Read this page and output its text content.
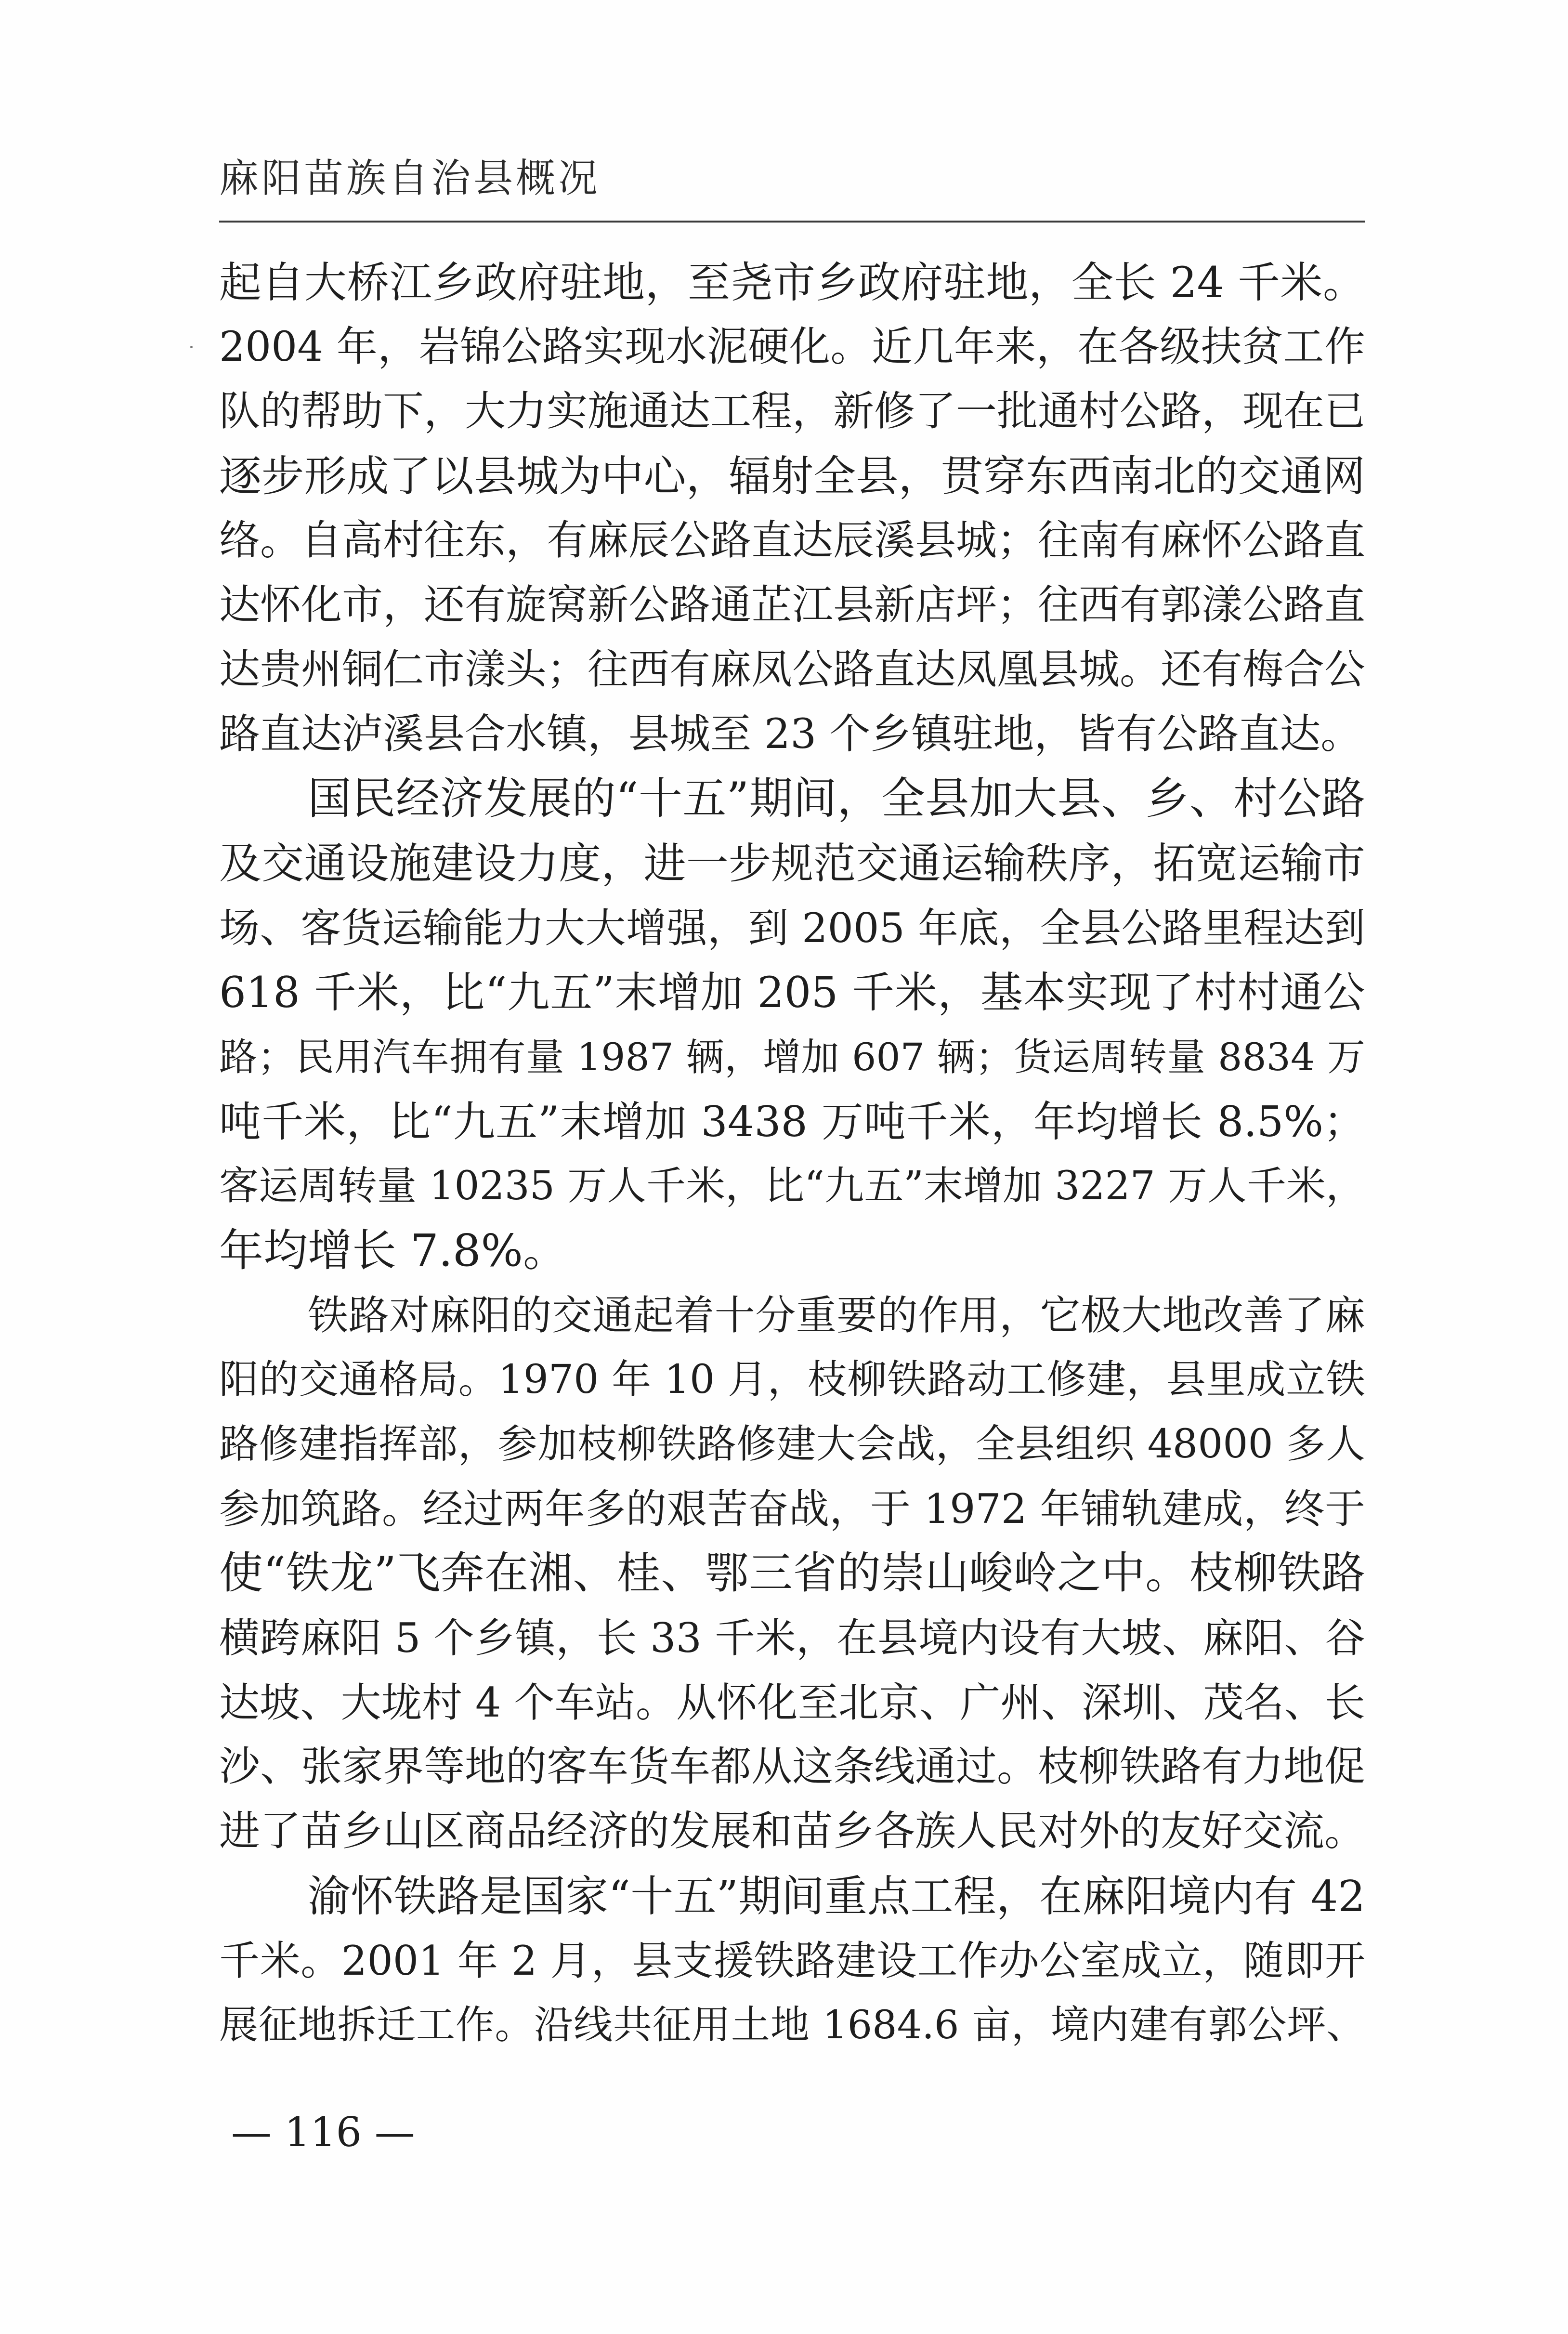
麻阳苗族自治县概况
起自大桥江乡政府驻地，至尧市乡政府驻地，全长 24 千米。
2004 年，岩锦公路实现水泥硬化。近几年来，在各级扶贫工作
队的帮助下，大力实施通达工程，新修了一批通村公路，现在已
逐步形成了以县城为中心，辐射全县，贯穿东西南北的交通网
络。自高村往东，有麻辰公路直达辰溪县城；往南有麻怀公路直
达怀化市，还有旋窝新公路通芷江县新店坪；往西有郭漾公路直
达贵州铜仁市漾头；往西有麻凤公路直达凤凰县城。还有梅合公
路直达泸溪县合水镇，县城至 23 个乡镇驻地，皆有公路直达。
国民经济发展的“十五”期间，全县加大县、乡、村公路
及交通设施建设力度，进一步规范交通运输秩序，拓宽运输市
场、客货运输能力大大增强，到 2005 年底，全县公路里程达到
618 千米，比“九五”末增加 205 千米，基本实现了村村通公
路；民用汽车拥有量 1987 辆，增加 607 辆；货运周转量 8834 万
吨千米，比“九五”末增加 3438 万吨千米，年均增长 8.5%；
客运周转量 10235 万人千米，比“九五”末增加 3227 万人千米，
年均增长 7.8%。
铁路对麻阳的交通起着十分重要的作用，它极大地改善了麻
阳的交通格局。1970 年 10 月，枝柳铁路动工修建，县里成立铁
路修建指挥部，参加枝柳铁路修建大会战，全县组织 48000 多人
参加筑路。经过两年多的艰苦奋战，于 1972 年铺轨建成，终于
使“铁龙”飞奔在湘、桂、鄂三省的崇山峻岭之中。枝柳铁路
横跨麻阳 5 个乡镇，长 33 千米，在县境内设有大坡、麻阳、谷
达坡、大垅村 4 个车站。从怀化至北京、广州、深圳、茂名、长
沙、张家界等地的客车货车都从这条线通过。枝柳铁路有力地促
进了苗乡山区商品经济的发展和苗乡各族人民对外的友好交流。
渝怀铁路是国家“十五”期间重点工程，在麻阳境内有 42
千米。2001 年 2 月，县支援铁路建设工作办公室成立，随即开
展征地拆迁工作。沿线共征用土地 1684.6 亩，境内建有郭公坪、
— 116 —
